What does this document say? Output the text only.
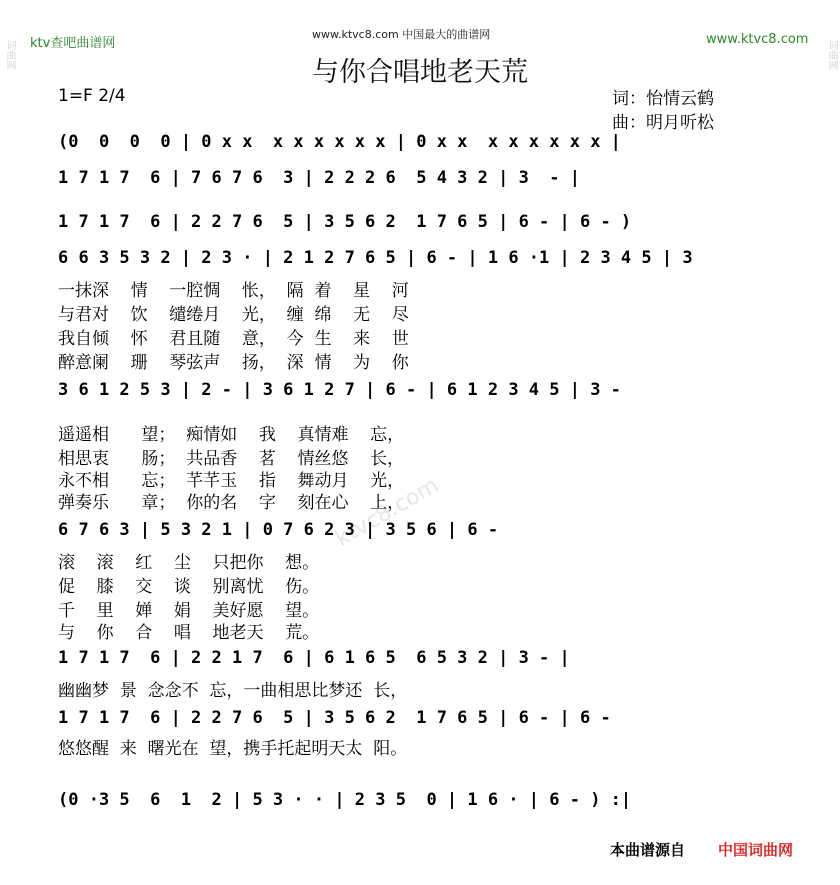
ktv查吧曲谱网
www.ktvc8.com 中国最大的曲谱网	www.ktvc8.com
ktvc8.com
与你合唱地老天荒
1=F 2/4	词：怡情云鹤
曲：明月听松
(0  0  0  0 | 0 x x  x x x x x x | 0 x x  x x x x x x |
1 7 1 7  6 | 7 6 7 6  3 | 2 2 2 6  5 4 3 2 | 3  - |
1 7 1 7  6 | 2 2 7 6  5 | 3 5 6 2  1 7 6 5 | 6 - | 6 - )
6 6 3 5 3 2 | 2 3 · | 2 1 2 7 6 5 | 6 - | 1 6 ·1 | 2 3 4 5 | 3
一抹深    情    一腔惆    怅，  隔  着    星    河
与君对    饮    缱绻月    光，  缠  绵    无    尽
我自倾    怀    君且随    意，  今  生    来    世
醉意阑    珊    琴弦声    扬，  深  情    为    你
3 6 1 2 5 3 | 2 - | 3 6 1 2 7 | 6 - | 6 1 2 3 4 5 | 3 -
遥遥相      望；  痴情如    我    真情难    忘，
相思衷      肠；  共品香    茗    情丝悠    长，
永不相      忘；  芊芊玉    指    舞动月    光，
弹奏乐      章；  你的名    字    刻在心    上，
6 7 6 3 | 5 3 2 1 | 0 7 6 2 3 | 3 5 6 | 6 -
滚    滚    红    尘    只把你    想。
促    膝    交    谈    别离忧    伤。
千    里    婵    娟    美好愿    望。
与    你    合    唱    地老天    荒。
1 7 1 7  6 | 2 2 1 7  6 | 6 1 6 5  6 5 3 2 | 3 - |
幽幽梦  景  念念不  忘，一曲相思比梦还  长，
1 7 1 7  6 | 2 2 7 6  5 | 3 5 6 2  1 7 6 5 | 6 - | 6 -
悠悠醒  来  曙光在  望，携手托起明天太  阳。
(0 ·3 5  6  1  2 | 5 3 · · | 2 3 5  0 | 1 6 · | 6 - ) :|
词曲网	词曲网
本曲谱源自 中国词曲网
